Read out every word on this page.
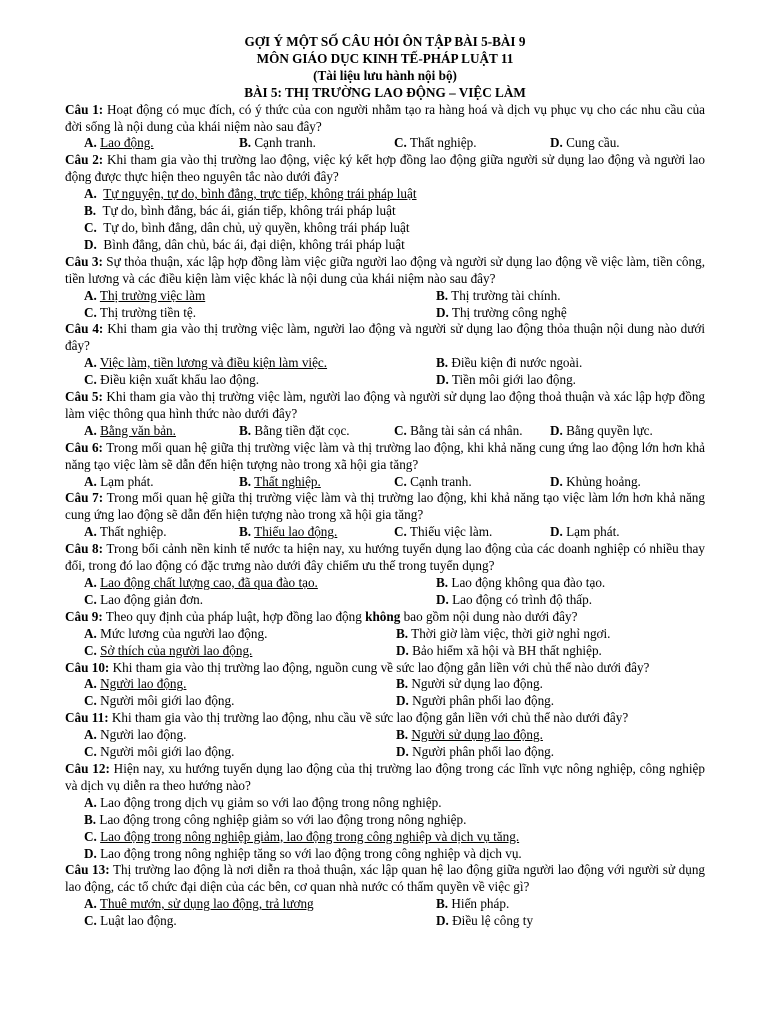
GỢI Ý MỘT SỐ CÂU HỎI ÔN TẬP BÀI 5-BÀI 9
MÔN GIÁO DỤC KINH TẾ-PHÁP LUẬT 11
(Tài liệu lưu hành nội bộ)
BÀI 5: THỊ TRƯỜNG LAO ĐỘNG – VIỆC LÀM
Câu 1: Hoạt động có mục đích, có ý thức của con người nhằm tạo ra hàng hoá và dịch vụ phục vụ cho các nhu cầu của đời sống là nội dung của khái niệm nào sau đây?
A. Lao động.	B. Cạnh tranh.	C. Thất nghiệp.	D. Cung cầu.
Câu 2: Khi tham gia vào thị trường lao động, việc ký kết hợp đồng lao động giữa người sử dụng lao động và người lao động được thực hiện theo nguyên tắc nào dưới đây?
A. Tự nguyện, tự do, bình đẳng, trực tiếp, không trái pháp luật
B. Tự do, bình đẳng, bác ái, gián tiếp, không trái pháp luật
C. Tự do, bình đẳng, dân chủ, uỷ quyền, không trái pháp luật
D. Bình đẳng, dân chủ, bác ái, đại diện, không trái pháp luật
Câu 3: Sự thỏa thuận, xác lập hợp đồng làm việc giữa người lao động và người sử dụng lao động về việc làm, tiền công, tiền lương và các điều kiện làm việc khác là nội dung của khái niệm nào sau đây?
A. Thị trường việc làm	B. Thị trường tài chính.
C. Thị trường tiền tệ.	D. Thị trường công nghệ
Câu 4: Khi tham gia vào thị trường việc làm, người lao động và người sử dụng lao động thỏa thuận nội dung nào dưới đây?
A. Việc làm, tiền lương và điều kiện làm việc.	B. Điều kiện đi nước ngoài.
C. Điều kiện xuất khẩu lao động.	D. Tiền môi giới lao động.
Câu 5: Khi tham gia vào thị trường việc làm, người lao động và người sử dụng lao động thoả thuận và xác lập hợp đồng làm việc thông qua hình thức nào dưới đây?
A. Bằng văn bản.	B. Bằng tiền đặt cọc.	C. Bằng tài sản cá nhân.	D. Bằng quyền lực.
Câu 6: Trong mối quan hệ giữa thị trường việc làm và thị trường lao động, khi khả năng cung ứng lao động lớn hơn khả năng tạo việc làm sẽ dẫn đến hiện tượng nào trong xã hội gia tăng?
A. Lạm phát.	B. Thất nghiệp.	C. Cạnh tranh.	D. Khủng hoảng.
Câu 7: Trong mối quan hệ giữa thị trường việc làm và thị trường lao động, khi khả năng tạo việc làm lớn hơn khả năng cung ứng lao động sẽ dẫn đến hiện tượng nào trong xã hội gia tăng?
A. Thất nghiệp.	B. Thiếu lao động.	C. Thiếu việc làm.	D. Lạm phát.
Câu 8: Trong bối cảnh nền kinh tế nước ta hiện nay, xu hướng tuyển dụng lao động của các doanh nghiệp có nhiều thay đổi, trong đó lao động có đặc trưng nào dưới đây chiếm ưu thế trong tuyển dụng?
A. Lao động chất lượng cao, đã qua đào tạo.	B. Lao động không qua đào tạo.
C. Lao động giản đơn.	D. Lao động có trình độ thấp.
Câu 9: Theo quy định của pháp luật, hợp đồng lao động không bao gồm nội dung nào dưới đây?
A. Mức lương của người lao động.	B. Thời giờ làm việc, thời giờ nghỉ ngơi.
C. Sở thích của người lao động.	D. Bảo hiểm xã hội và BH thất nghiệp.
Câu 10: Khi tham gia vào thị trường lao động, nguồn cung về sức lao động gắn liền với chủ thể nào dưới đây?
A. Người lao động.	B. Người sử dụng lao động.
C. Người môi giới lao động.	D. Người phân phối lao động.
Câu 11: Khi tham gia vào thị trường lao động, nhu cầu về sức lao động gắn liền với chủ thể nào dưới đây?
A. Người lao động.	B. Người sử dụng lao động.
C. Người môi giới lao động.	D. Người phân phối lao động.
Câu 12: Hiện nay, xu hướng tuyển dụng lao động của thị trường lao động trong các lĩnh vực nông nghiệp, công nghiệp và dịch vụ diễn ra theo hướng nào?
A. Lao động trong dịch vụ giảm so với lao động trong nông nghiệp.
B. Lao động trong công nghiệp giảm so với lao động trong nông nghiệp.
C. Lao động trong nông nghiệp giảm, lao động trong công nghiệp và dịch vụ tăng.
D. Lao động trong nông nghiệp tăng so với lao động trong công nghiệp và dịch vụ.
Câu 13: Thị trường lao động là nơi diễn ra thoả thuận, xác lập quan hệ lao động giữa người lao động với người sử dụng lao động, các tổ chức đại diện của các bên, cơ quan nhà nước có thẩm quyền về việc gì?
A. Thuê mướn, sử dụng lao động, trả lương	B. Hiến pháp.
C. Luật lao động.	D. Điều lệ công ty
